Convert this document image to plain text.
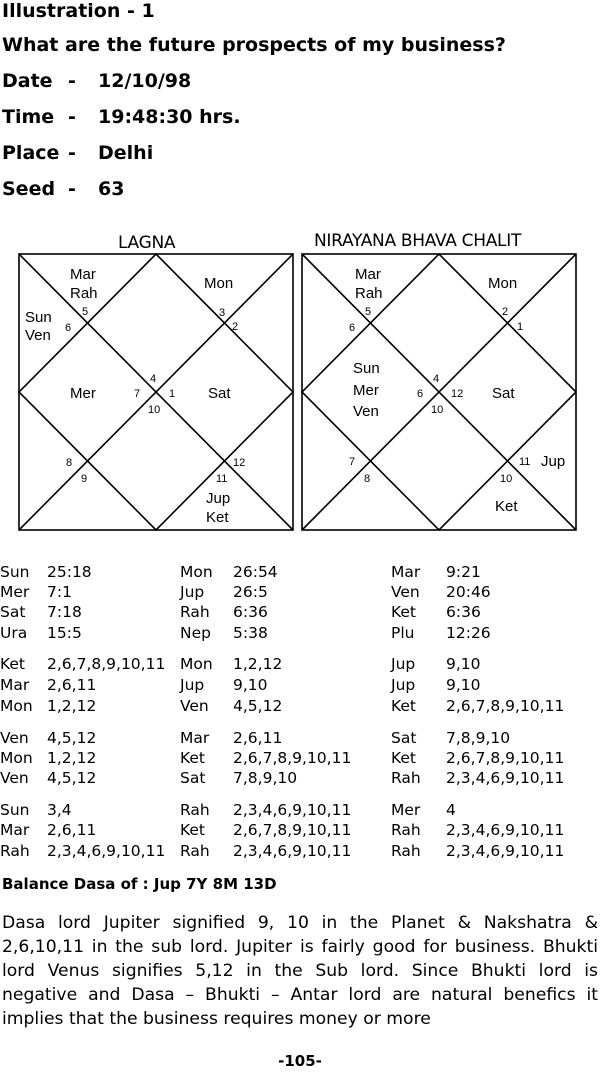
Illustration - 1
What are the future prospects of my business?
Date - 12/10/98
Time - 19:48:30 hrs.
Place - Delhi
Seed - 63
LAGNA	NIRAYANA BHAVA CHALIT
Mar
Rah
Mon
Sun
Ven
Mer	Sat
Jup
Ket
4
1
7
10
5
6
3
2
8
9	11
12
Mar
Rah
Mon
Sun
Mer
Ven
Sat
Jup
Ket
4
6	12
10
5
6
2
1
7
8
11
10
Sun 25:18	Mon 26:54	Mar 9:21
Mer 7:1	Jup 26:5	Ven 20:46
Sat 7:18	Rah 6:36	Ket 6:36
Ura 15:5	Nep 5:38	Plu 12:26
Ket 2,6,7,8,9,10,11 Mon 1,2,12	Jup 9,10
Mar 2,6,11	Jup 9,10	Jup 9,10
Mon 1,2,12	Ven 4,5,12	Ket 2,6,7,8,9,10,11
Ven 4,5,12	Mar 2,6,11	Sat 7,8,9,10
Mon 1,2,12	Ket 2,6,7,8,9,10,11	Ket 2,6,7,8,9,10,11
Ven 4,5,12	Sat 7,8,9,10	Rah 2,3,4,6,9,10,11
Sun 3,4	Rah 2,3,4,6,9,10,11	Mer 4
Mar 2,6,11	Ket 2,6,7,8,9,10,11	Rah 2,3,4,6,9,10,11
Rah 2,3,4,6,9,10,11 Rah 2,3,4,6,9,10,11	Rah 2,3,4,6,9,10,11
Balance Dasa of : Jup 7Y 8M 13D
Dasa lord Jupiter signified 9, 10 in the Planet & Nakshatra & 2,6,10,11 in the sub lord. Jupiter is fairly good for business. Bhukti lord Venus signifies 5,12 in the Sub lord. Since Bhukti lord is negative and Dasa – Bhukti – Antar lord are natural benefics it implies that the business requires money or more
-105-
